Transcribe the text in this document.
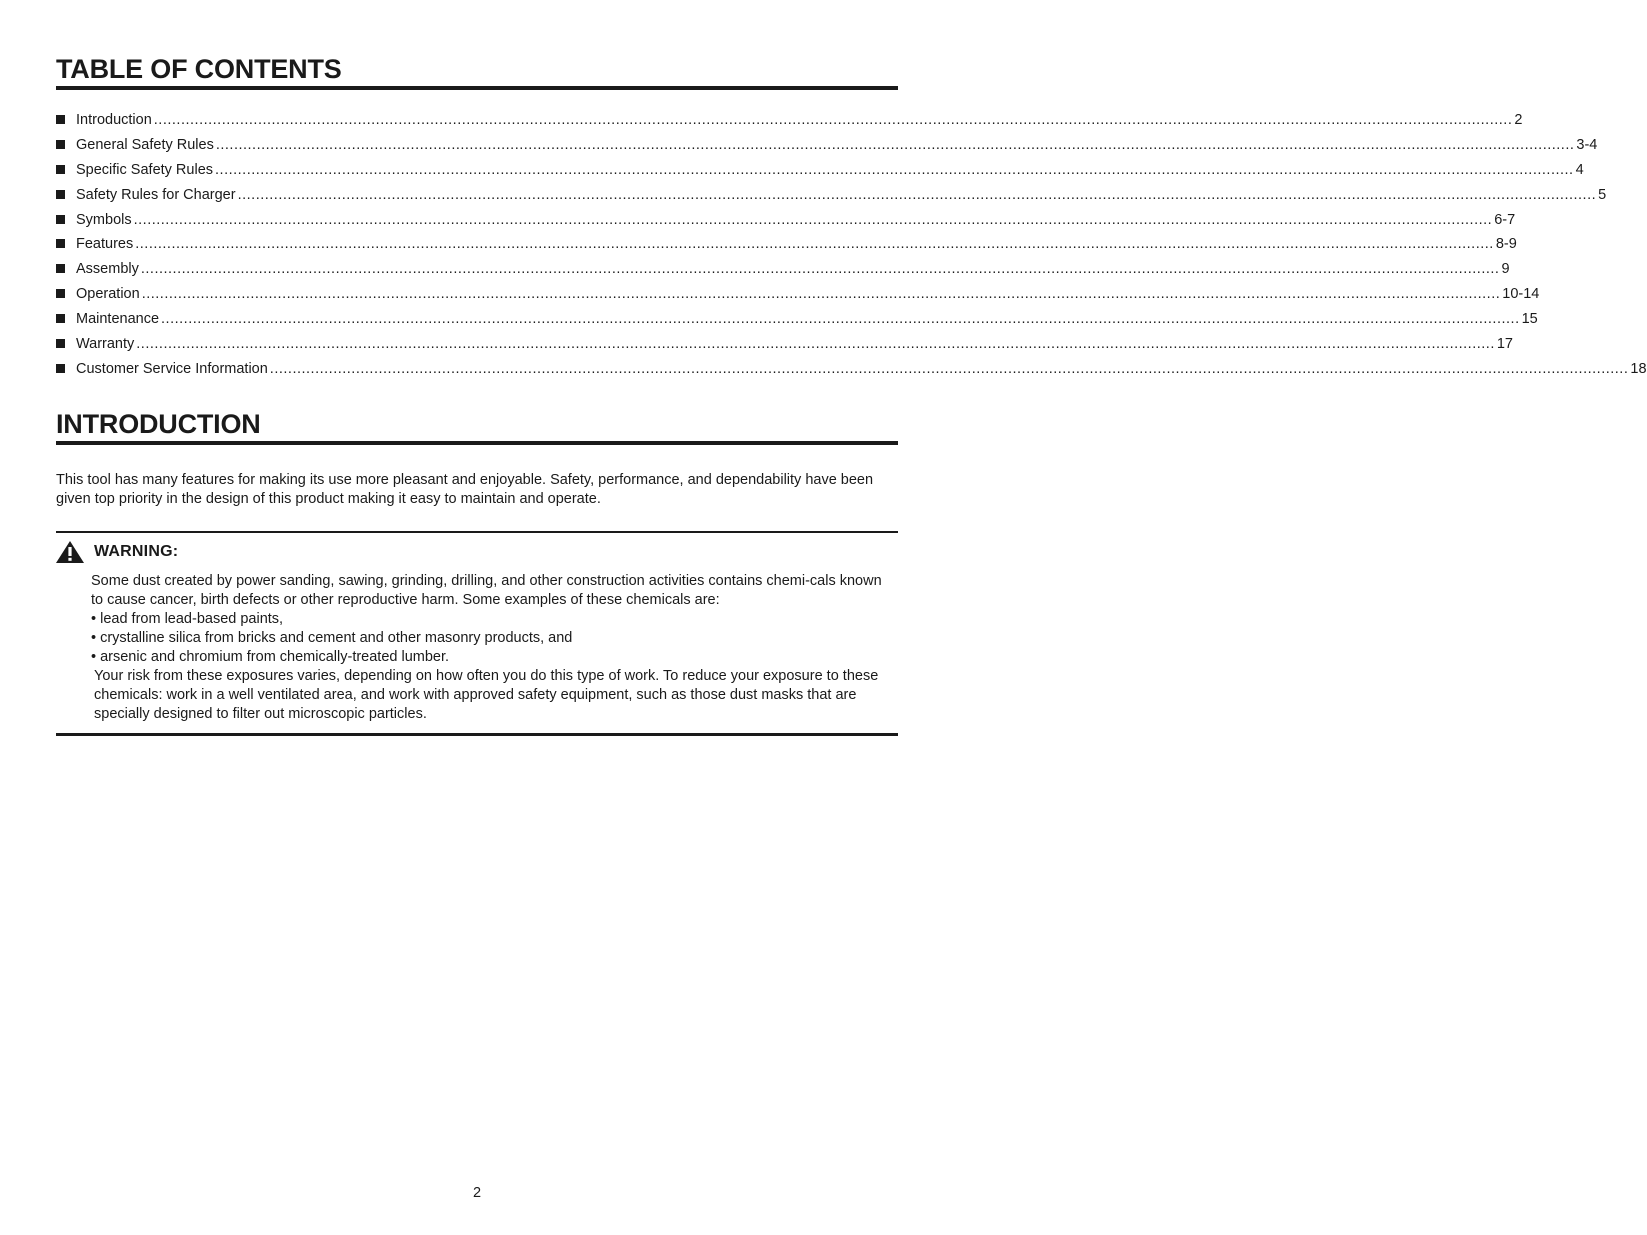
TABLE OF CONTENTS
Introduction ............................................................................................................................................................................................................................................................................................................ 2
General Safety Rules ............................................................................................................................................................................................................................................................................................................ 3-4
Specific Safety Rules ............................................................................................................................................................................................................................................................................................................ 4
Safety Rules for Charger ............................................................................................................................................................................................................................................................................................................ 5
Symbols ............................................................................................................................................................................................................................................................................................................ 6-7
Features ............................................................................................................................................................................................................................................................................................................ 8-9
Assembly ............................................................................................................................................................................................................................................................................................................ 9
Operation ............................................................................................................................................................................................................................................................................................................ 10-14
Maintenance ............................................................................................................................................................................................................................................................................................................ 15
Warranty ............................................................................................................................................................................................................................................................................................................ 17
Customer Service Information ............................................................................................................................................................................................................................................................................................................ 18
INTRODUCTION

This tool has many features for making its use more pleasant and enjoyable. Safety, performance, and dependability have been given top priority in the design of this product making it easy to maintain and operate.

WARNING:

Some dust created by power sanding, sawing, grinding, drilling, and other construction activities contains chemi-cals known to cause cancer, birth defects or other reproductive harm. Some examples of these chemicals are:

• lead from lead-based paints,

• crystalline silica from bricks and cement and other masonry products, and

• arsenic and chromium from chemically-treated lumber.

Your risk from these exposures varies, depending on how often you do this type of work. To reduce your exposure to these chemicals: work in a well ventilated area, and work with approved safety equipment, such as those dust masks that are specially designed to filter out microscopic particles.

2
